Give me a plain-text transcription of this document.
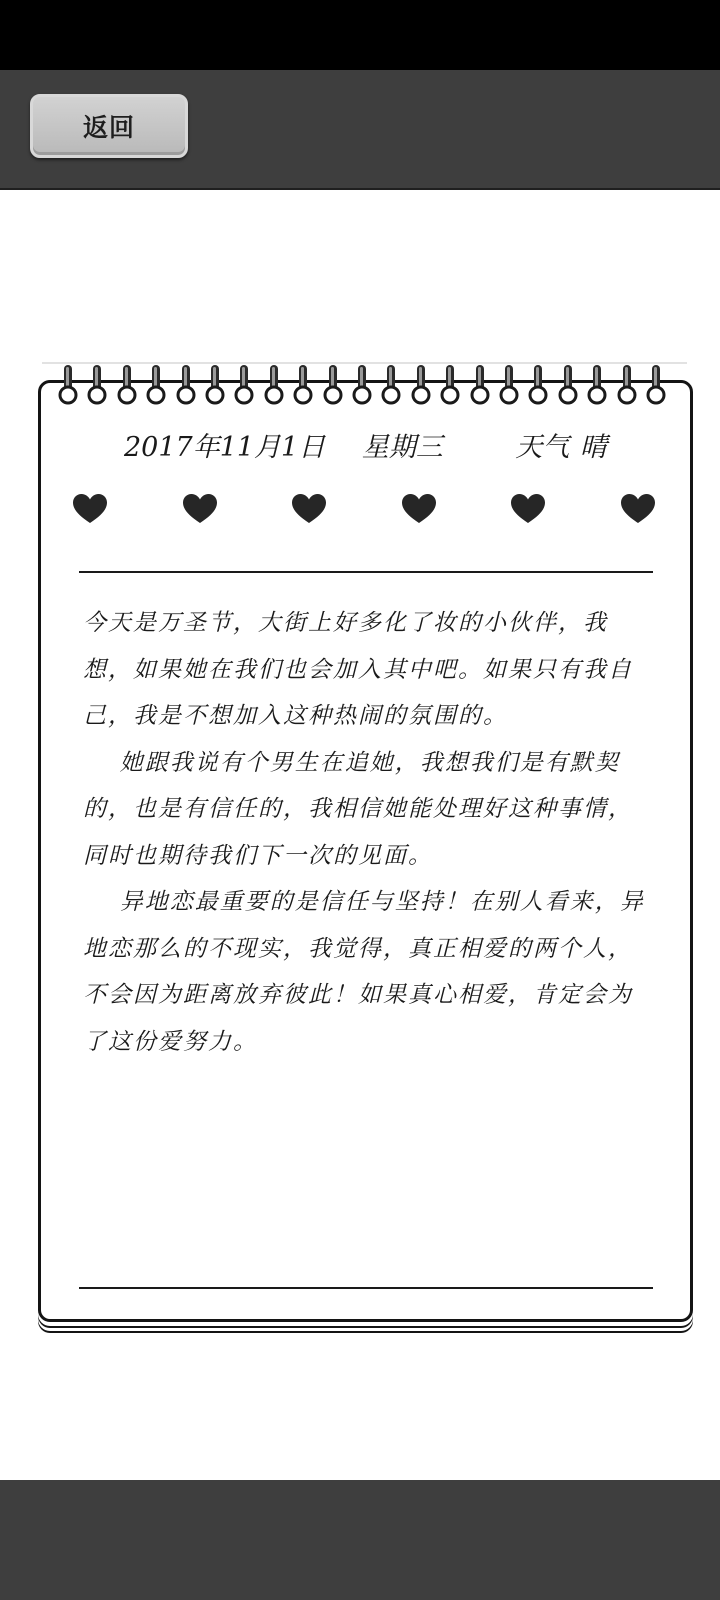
返回
2017年11月1日 星期三	天气 晴

今天是万圣节，大街上好多化了妆的小伙伴，我想，如果她在我们也会加入其中吧。如果只有我自己，我是不想加入这种热闹的氛围的。

她跟我说有个男生在追她，我想我们是有默契的，也是有信任的，我相信她能处理好这种事情，同时也期待我们下一次的见面。

异地恋最重要的是信任与坚持！在别人看来，异地恋那么的不现实，我觉得，真正相爱的两个人，不会因为距离放弃彼此！如果真心相爱，肯定会为了这份爱努力。
